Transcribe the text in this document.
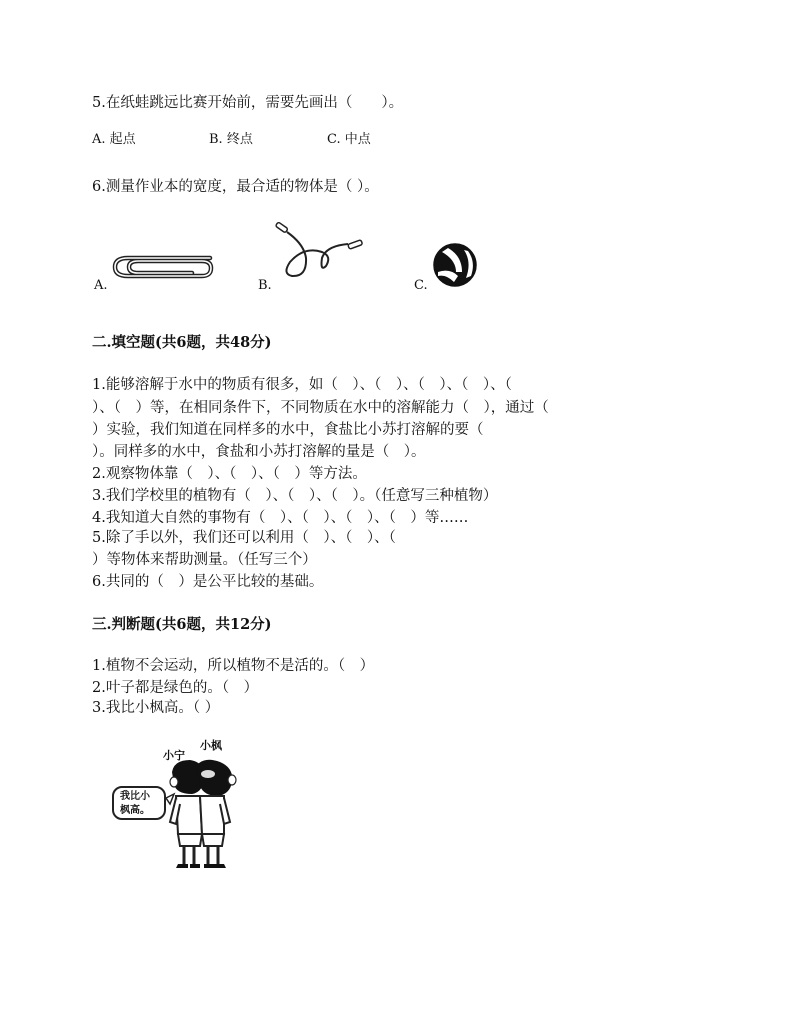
5.在纸蛙跳远比赛开始前，需要先画出（　　）。
A. 起点	B. 终点	C. 中点
6.测量作业本的宽度，最合适的物体是（ ）。
A.	B.	C.
二.填空题(共6题，共48分)
1.能够溶解于水中的物质有很多，如（　）、（　）、（　）、（　）、（
）、（　）等，在相同条件下，不同物质在水中的溶解能力（　），通过（
）实验，我们知道在同样多的水中，食盐比小苏打溶解的要（
）。同样多的水中，食盐和小苏打溶解的量是（　）。
2.观察物体靠（　）、（　）、（　）等方法。
3.我们学校里的植物有（　）、（　）、（　）。（任意写三种植物）
4.我知道大自然的事物有（　）、（　）、（　）、（　）等……
5.除了手以外，我们还可以利用（　）、（　）、（
）等物体来帮助测量。（任写三个）
6.共同的（　）是公平比较的基础。
三.判断题(共6题，共12分)
1.植物不会运动，所以植物不是活的。（　）
2.叶子都是绿色的。（　）
3.我比小枫高。（ ）
小宁
小枫
我比小
枫高。
